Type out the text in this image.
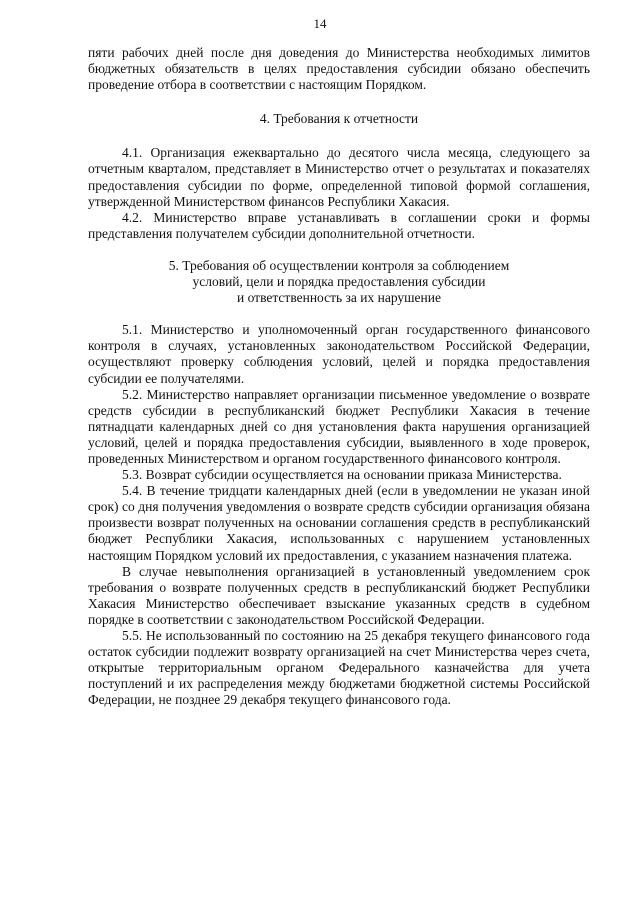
14

пяти рабочих дней после дня доведения до Министерства необходимых лимитов бюджетных обязательств в целях предоставления субсидии обязано обеспечить проведение отбора в соответствии с настоящим Порядком.

4. Требования к отчетности

4.1. Организация ежеквартально до десятого числа месяца, следующего за отчетным кварталом, представляет в Министерство отчет о результатах и показателях предоставления субсидии по форме, определенной типовой формой соглашения, утвержденной Министерством финансов Республики Хакасия.

4.2. Министерство вправе устанавливать в соглашении сроки и формы представления получателем субсидии дополнительной отчетности.

5. Требования об осуществлении контроля за соблюдением

условий, цели и порядка предоставления субсидии

и ответственность за их нарушение

5.1. Министерство и уполномоченный орган государственного финансового контроля в случаях, установленных законодательством Российской Федерации, осуществляют проверку соблюдения условий, целей и порядка предоставления субсидии ее получателями.

5.2. Министерство направляет организации письменное уведомление о возврате средств субсидии в республиканский бюджет Республики Хакасия в течение пятнадцати календарных дней со дня установления факта нарушения организацией условий, целей и порядка предоставления субсидии, выявленного в ходе проверок, проведенных Министерством и органом государственного финансового контроля.

5.3. Возврат субсидии осуществляется на основании приказа Министерства.

5.4. В течение тридцати календарных дней (если в уведомлении не указан иной срок) со дня получения уведомления о возврате средств субсидии организация обязана произвести возврат полученных на основании соглашения средств в республиканский бюджет Республики Хакасия, использованных с нарушением установленных настоящим Порядком условий их предоставления, с указанием назначения платежа.

В случае невыполнения организацией в установленный уведомлением срок требования о возврате полученных средств в республиканский бюджет Республики Хакасия Министерство обеспечивает взыскание указанных средств в судебном порядке в соответствии с законодательством Российской Федерации.

5.5. Не использованный по состоянию на 25 декабря текущего финансового года остаток субсидии подлежит возврату организацией на счет Министерства через счета, открытые территориальным органом Федерального казначейства для учета поступлений и их распределения между бюджетами бюджетной системы Российской Федерации, не позднее 29 декабря текущего финансового года.
